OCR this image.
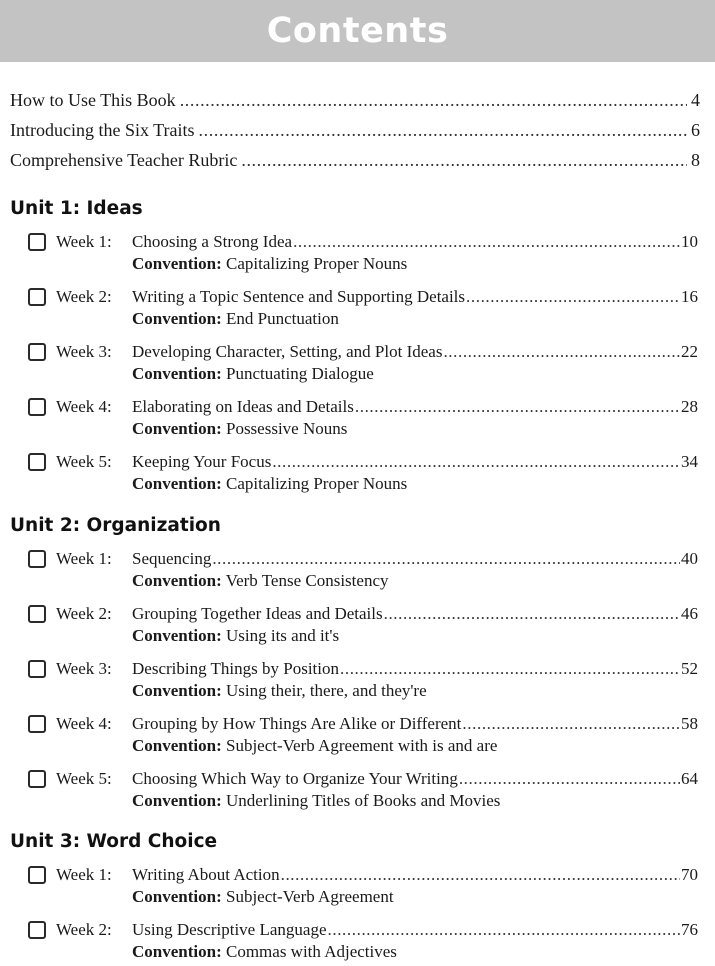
Contents
How to Use This Book .....	4
Introducing the Six Traits .....	6
Comprehensive Teacher Rubric .....	8
Unit 1: Ideas
Week 1: Choosing a Strong Idea .....	10
Convention: Capitalizing Proper Nouns
Week 2: Writing a Topic Sentence and Supporting Details .....	16
Convention: End Punctuation
Week 3: Developing Character, Setting, and Plot Ideas .....	22
Convention: Punctuating Dialogue
Week 4: Elaborating on Ideas and Details .....	28
Convention: Possessive Nouns
Week 5: Keeping Your Focus .....	34
Convention: Capitalizing Proper Nouns
Unit 2: Organization
Week 1: Sequencing .....	40
Convention: Verb Tense Consistency
Week 2: Grouping Together Ideas and Details .....	46
Convention: Using its and it's
Week 3: Describing Things by Position .....	52
Convention: Using their, there, and they're
Week 4: Grouping by How Things Are Alike or Different .....	58
Convention: Subject-Verb Agreement with is and are
Week 5: Choosing Which Way to Organize Your Writing .....	64
Convention: Underlining Titles of Books and Movies
Unit 3: Word Choice
Week 1: Writing About Action .....	70
Convention: Subject-Verb Agreement
Week 2: Using Descriptive Language .....	76
Convention: Commas with Adjectives
